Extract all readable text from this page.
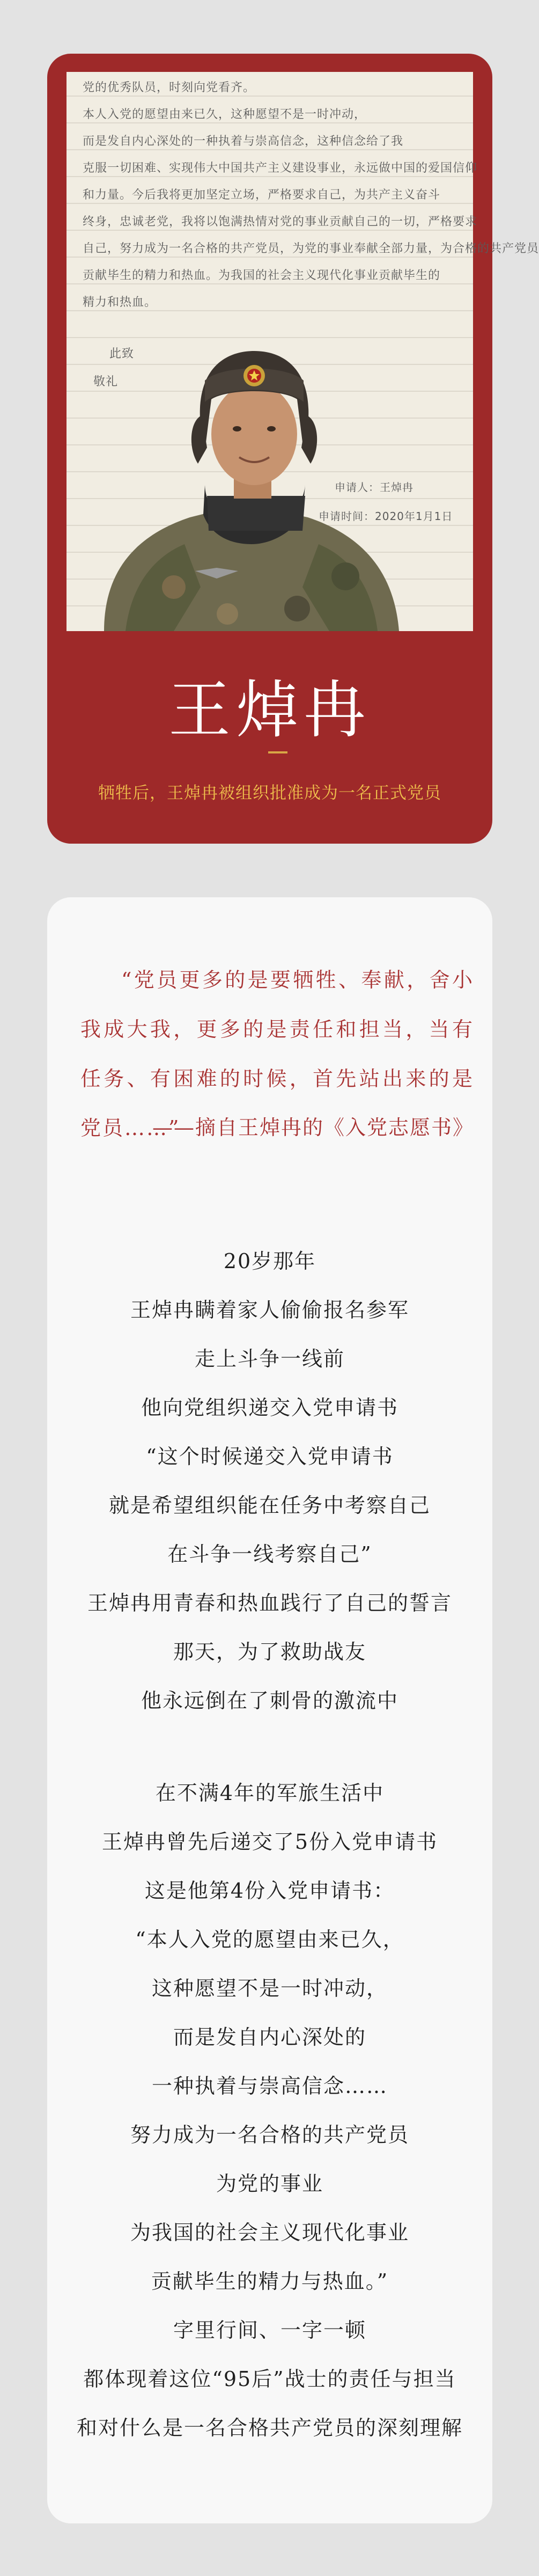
党的优秀队员，时刻向党看齐。
本人入党的愿望由来已久，这种愿望不是一时冲动，
而是发自内心深处的一种执着与崇高信念，这种信念给了我
克服一切困难、实现伟大中国共产主义建设事业，永远做中国的爱国信仰
和力量。今后我将更加坚定立场，严格要求自己，为共产主义奋斗
终身，忠诚老党，我将以饱满热情对党的事业贡献自己的一切，严格要求
自己，努力成为一名合格的共产党员，为党的事业奉献全部力量，为合格的共产党员
贡献毕生的精力和热血。为我国的社会主义现代化事业贡献毕生的
精力和热血。
此致
敬礼
申请人：王焯冉
申请时间：2020年1月1日
王焯冉
牺牲后，王焯冉被组织批准成为一名正式党员

“党员更多的是要牺牲、奉献，舍小我成大我，更多的是责任和担当，当有任务、有困难的时候，首先站出来的是党员……”

——摘自王焯冉的《入党志愿书》
20岁那年
王焯冉瞒着家人偷偷报名参军
走上斗争一线前
他向党组织递交入党申请书
“这个时候递交入党申请书
就是希望组织能在任务中考察自己
在斗争一线考察自己”
王焯冉用青春和热血践行了自己的誓言
那天，为了救助战友
他永远倒在了刺骨的激流中
在不满4年的军旅生活中
王焯冉曾先后递交了5份入党申请书
这是他第4份入党申请书：
“本人入党的愿望由来已久，
这种愿望不是一时冲动，
而是发自内心深处的
一种执着与崇高信念……
努力成为一名合格的共产党员
为党的事业
为我国的社会主义现代化事业
贡献毕生的精力与热血。”
字里行间、一字一顿
都体现着这位“95后”战士的责任与担当
和对什么是一名合格共产党员的深刻理解
